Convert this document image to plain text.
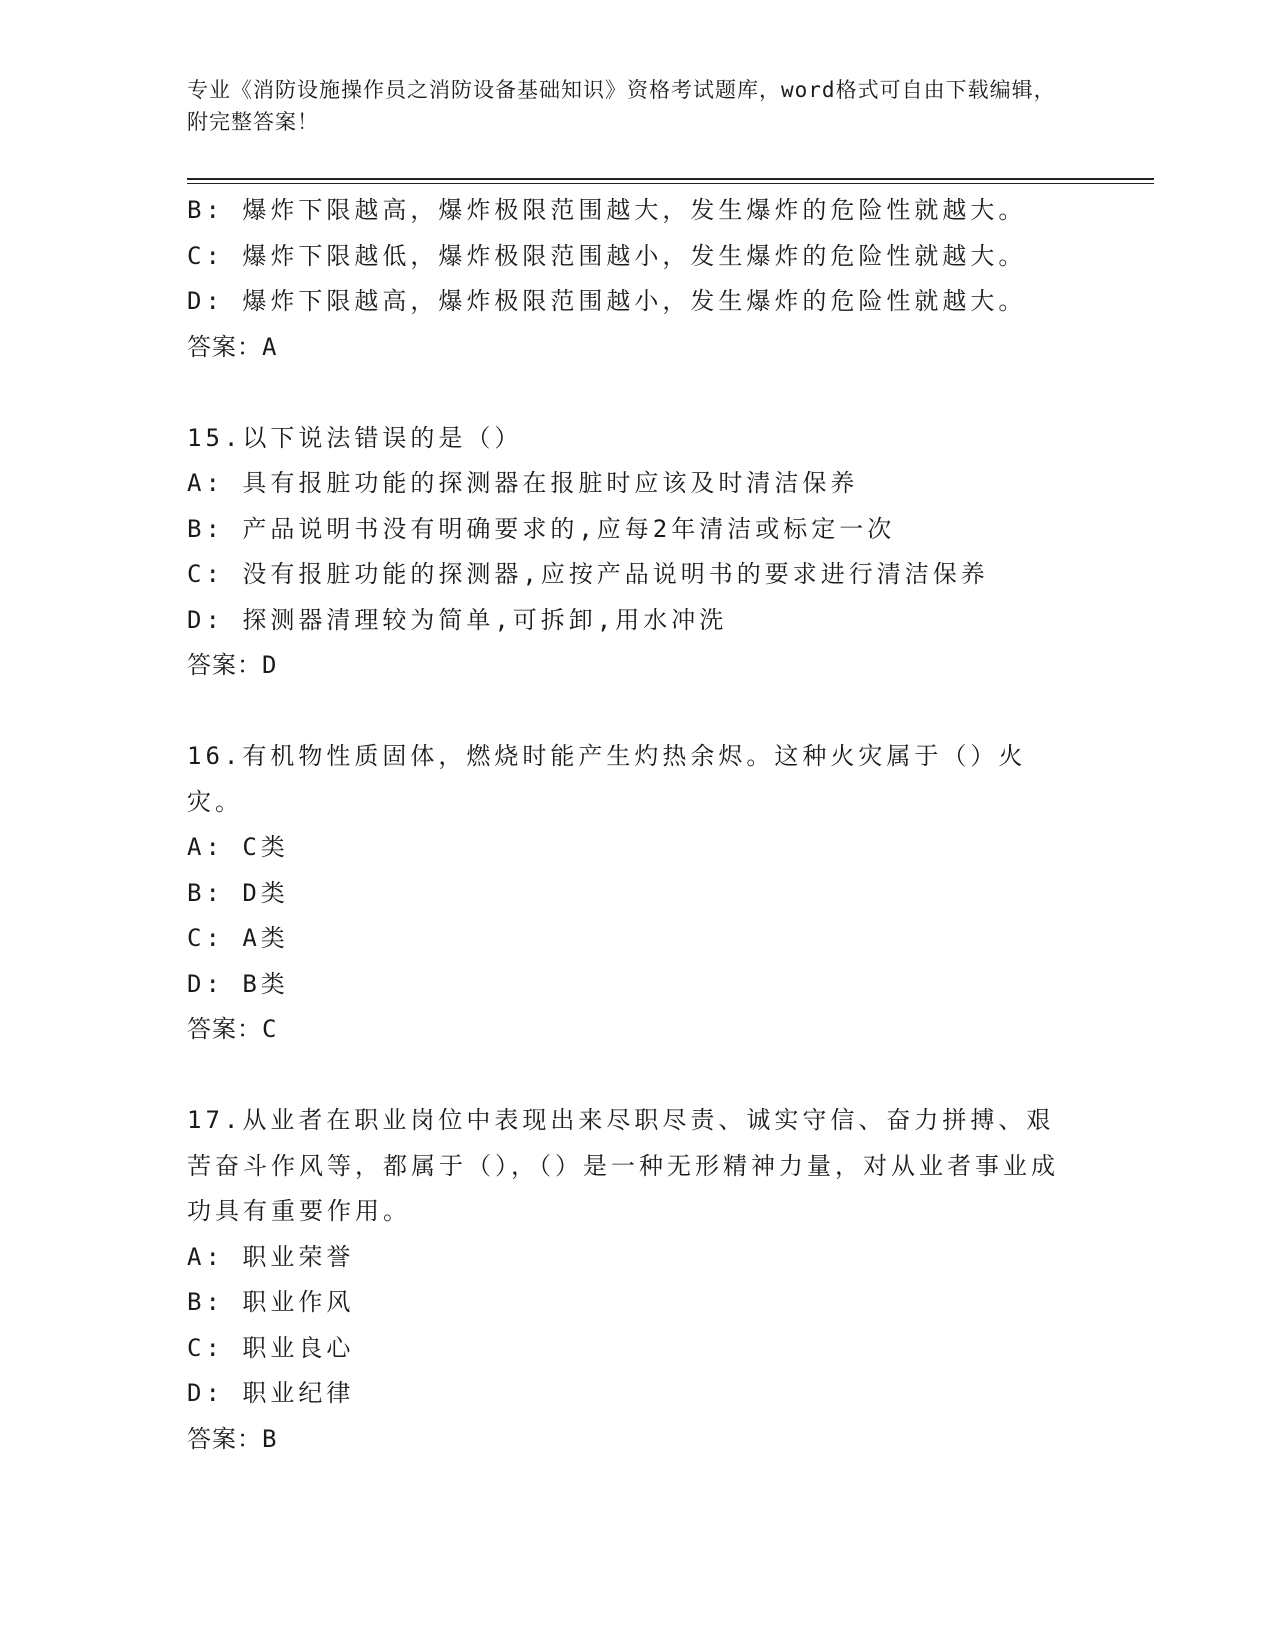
专业《消防设施操作员之消防设备基础知识》资格考试题库，word格式可自由下载编辑，附完整答案！
B: 爆炸下限越高，爆炸极限范围越大，发生爆炸的危险性就越大。
C: 爆炸下限越低，爆炸极限范围越小，发生爆炸的危险性就越大。
D: 爆炸下限越高，爆炸极限范围越小，发生爆炸的危险性就越大。
答案：A
15.以下说法错误的是（）
A: 具有报脏功能的探测器在报脏时应该及时清洁保养
B: 产品说明书没有明确要求的,应每2年清洁或标定一次
C: 没有报脏功能的探测器,应按产品说明书的要求进行清洁保养
D: 探测器清理较为简单,可拆卸,用水冲洗
答案：D
16.有机物性质固体，燃烧时能产生灼热余烬。这种火灾属于（）火灾。
A: C类
B: D类
C: A类
D: B类
答案：C
17.从业者在职业岗位中表现出来尽职尽责、诚实守信、奋力拼搏、艰苦奋斗作风等，都属于（），（）是一种无形精神力量，对从业者事业成功具有重要作用。
A: 职业荣誉
B: 职业作风
C: 职业良心
D: 职业纪律
答案：B
